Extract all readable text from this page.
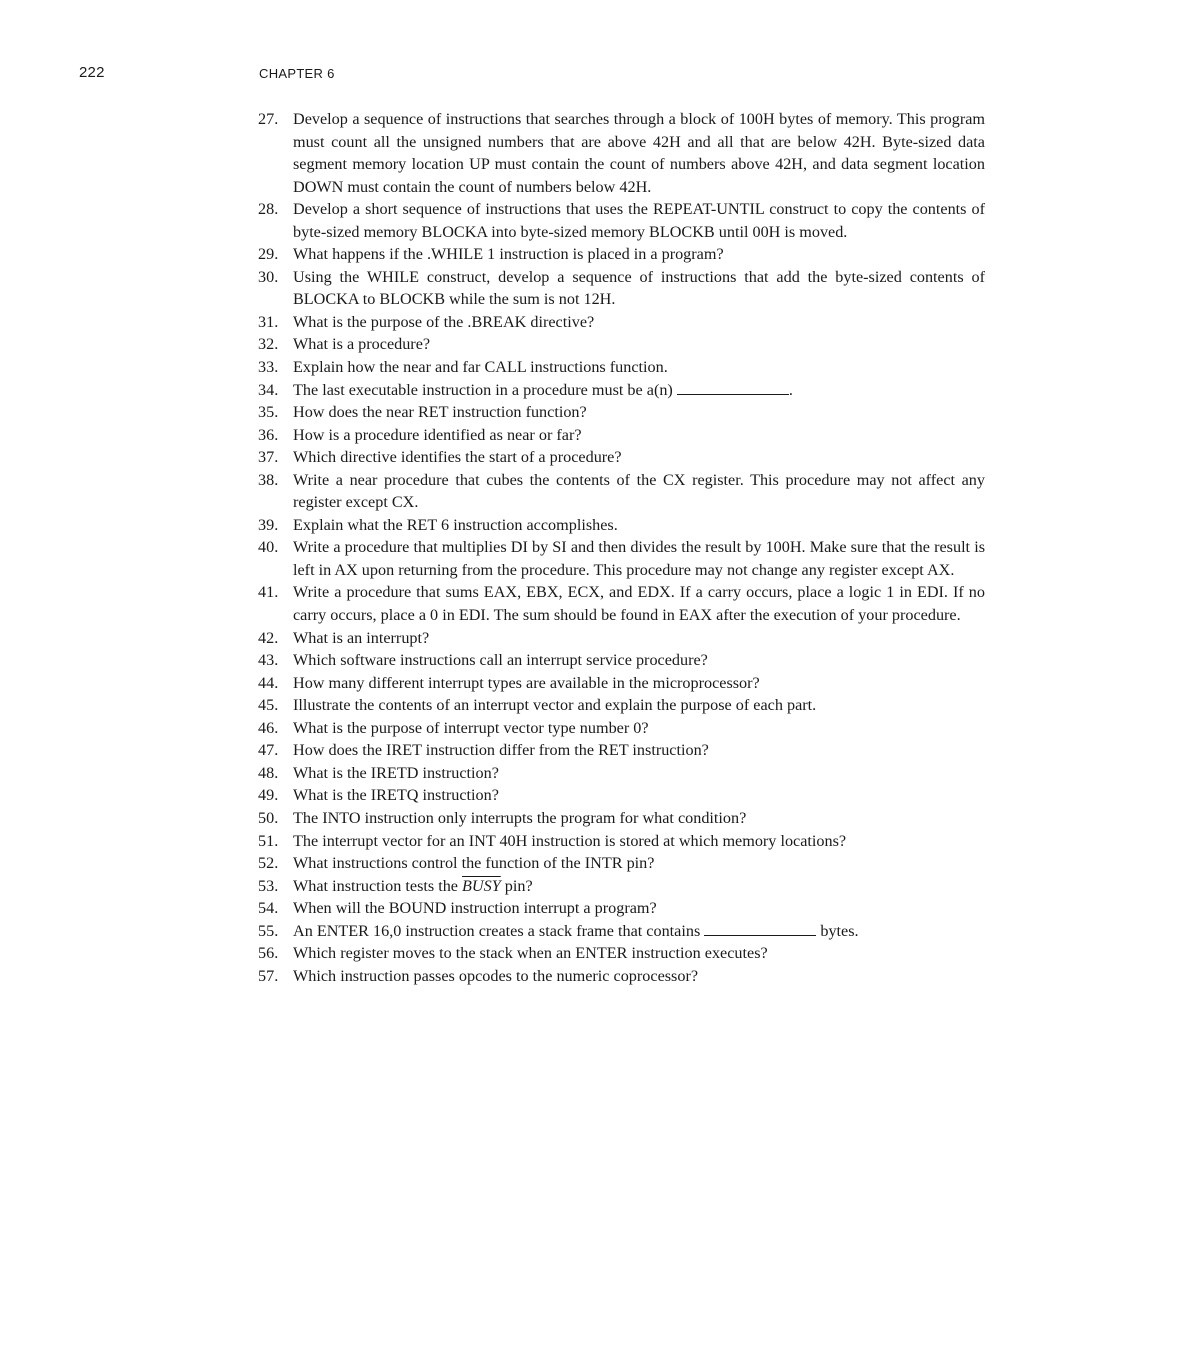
222	CHAPTER 6
27. Develop a sequence of instructions that searches through a block of 100H bytes of memory. This program must count all the unsigned numbers that are above 42H and all that are below 42H. Byte-sized data segment memory location UP must contain the count of numbers above 42H, and data segment location DOWN must contain the count of numbers below 42H.
28. Develop a short sequence of instructions that uses the REPEAT-UNTIL construct to copy the contents of byte-sized memory BLOCKA into byte-sized memory BLOCKB until 00H is moved.
29. What happens if the .WHILE 1 instruction is placed in a program?
30. Using the WHILE construct, develop a sequence of instructions that add the byte-sized contents of BLOCKA to BLOCKB while the sum is not 12H.
31. What is the purpose of the .BREAK directive?
32. What is a procedure?
33. Explain how the near and far CALL instructions function.
34. The last executable instruction in a procedure must be a(n)	.
35. How does the near RET instruction function?
36. How is a procedure identified as near or far?
37. Which directive identifies the start of a procedure?
38. Write a near procedure that cubes the contents of the CX register. This procedure may not affect any register except CX.
39. Explain what the RET 6 instruction accomplishes.
40. Write a procedure that multiplies DI by SI and then divides the result by 100H. Make sure that the result is left in AX upon returning from the procedure. This procedure may not change any register except AX.
41. Write a procedure that sums EAX, EBX, ECX, and EDX. If a carry occurs, place a logic 1 in EDI. If no carry occurs, place a 0 in EDI. The sum should be found in EAX after the execution of your procedure.
42. What is an interrupt?
43. Which software instructions call an interrupt service procedure?
44. How many different interrupt types are available in the microprocessor?
45. Illustrate the contents of an interrupt vector and explain the purpose of each part.
46. What is the purpose of interrupt vector type number 0?
47. How does the IRET instruction differ from the RET instruction?
48. What is the IRETD instruction?
49. What is the IRETQ instruction?
50. The INTO instruction only interrupts the program for what condition?
51. The interrupt vector for an INT 40H instruction is stored at which memory locations?
52. What instructions control the function of the INTR pin?
53. What instruction tests the BUSY pin?
54. When will the BOUND instruction interrupt a program?
55. An ENTER 16,0 instruction creates a stack frame that contains	bytes.
56. Which register moves to the stack when an ENTER instruction executes?
57. Which instruction passes opcodes to the numeric coprocessor?
